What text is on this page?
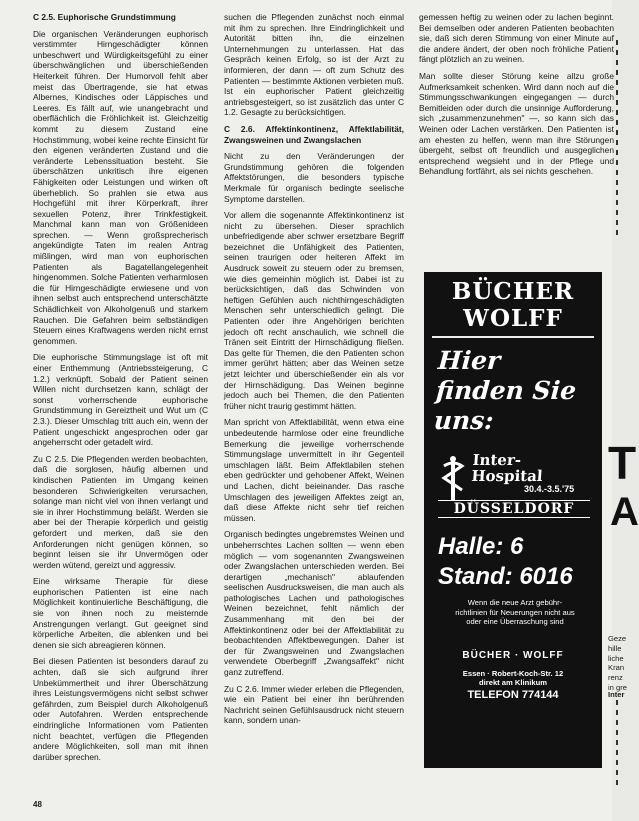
C 2.5. Euphorische Grundstimmung

Die organischen Veränderungen euphorisch verstimmter Hirngeschädigter können unbeschwert und Würdigkeitsgefühl zu einer überschwänglichen und überschießenden Heiterkeit führen. Der Humorvoll fehlt aber meist das Übertragende, sie hat etwas Albernes, Kindisches oder Läppisches und Leeres. Es fällt auf, wie unangebracht und oberflächlich die Fröhlichkeit ist. Gleichzeitig kommt zu diesem Zustand eine Hochstimmung, wobei keine rechte Einsicht für den eigenen veränderten Zustand und die veränderte Lebenssituation besteht. Sie überschätzen unkritisch ihre eigenen Fähigkeiten oder Leistungen und wirken oft überheblich. So prahlen sie etwa aus Hochgefühl mit ihrer Körperkraft, ihrer sexuellen Potenz, ihrer Trinkfestigkeit. Manchmal kann man von Größenideen sprechen. — Wenn großsprecherisch angekündigte Taten im realen Antrag mißlingen, wird man von euphorischen Patienten als Bagatellangelegenheit hingenommen. Solche Patienten verharmlosen die für Hirngeschädigte erwiesene und von ihnen selbst auch entsprechend unterschätzte Schädlichkeit von Alkoholgenuß und starkem Rauchen. Die Gefahren beim selbständigen Steuern eines Kraftwagens werden nicht ernst genommen.

Die euphorische Stimmungslage ist oft mit einer Enthemmung (Antriebssteigerung, C 1.2.) verknüpft. Sobald der Patient seinen Willen nicht durchsetzen kann, schlägt der sonst vorherrschende euphorische Grundstimmung in Gereiztheit und Wut um (C 2.3.). Dieser Umschlag tritt auch ein, wenn der Patient ungeschickt angesprochen oder gar angeherrscht oder getadelt wird.

Zu C 2.5. Die Pflegenden werden beobachten, daß die sorglosen, häufig albernen und kindischen Patienten im Umgang keinen besonderen Schwierigkeiten verursachen, solange man nicht viel von ihnen verlangt und sie in ihrer Hochstimmung beläßt. Werden sie aber bei der Therapie körperlich und geistig gefordert und merken, daß sie den Anforderungen nicht genügen können, so beginnt leisen sie ihr Unvermögen oder werden wütend, gereizt und aggressiv.

Eine wirksame Therapie für diese euphorischen Patienten ist eine nach Möglichkeit kontinuierliche Beschäftigung, die sie von ihnen noch zu meisternde Anstrengungen verlangt. Gut geeignet sind körperliche Arbeiten, die ablenken und bei denen sie sich abreagieren können.

Bei diesen Patienten ist besonders darauf zu achten, daß sie sich aufgrund ihrer Unbekümmertheit und ihrer Überschätzung ihres Leistungsvermögens nicht selbst schwer gefährden, zum Beispiel durch Alkoholgenuß oder Autofahren. Werden entsprechende eindringliche Informationen vom Patienten nicht beachtet, verfügen die Pflegenden andere Möglichkeiten, soll man mit ihnen darüber sprechen.

suchen die Pflegenden zunächst noch einmal mit ihm zu sprechen. Ihre Eindringlichkeit und Autorität bitten ihn, die einzelnen Unternehmungen zu unterlassen. Hat das Gespräch keinen Erfolg, so ist der Arzt zu informieren, der dann — oft zum Schutz des Patienten — bestimmte Aktionen verbieten muß. Ist ein euphorischer Patient gleichzeitig antriebsgesteigert, so ist zusätzlich das unter C 1.2. Gesagte zu berücksichtigen.

C 2.6. Affektinkontinenz, Affektlabilität, Zwangsweinen und Zwangslachen

Nicht zu den Veränderungen der Grundstimmung gehören die folgenden Affektstörungen, die besonders typische Merkmale für organisch bedingte seelische Symptome darstellen.

Vor allem die sogenannte Affektinkontinenz ist nicht zu übersehen. Dieser sprachlich unbefriedigende aber schwer ersetzbare Begriff bezeichnet die Unfähigkeit des Patienten, seinen traurigen oder heiteren Affekt im Ausdruck soweit zu steuern oder zu bremsen, wie dies gemeinhin möglich ist. Dabei ist zu berücksichtigen, daß das Schwinden von heftigen Gefühlen auch nichthirngeschädigten Menschen sehr unterschiedlich gelingt. Die Patienten oder ihre Angehörigen berichten jedoch oft recht anschaulich, wie schnell die Tränen seit Eintritt der Hirnschädigung fließen. Das gelte für Themen, die den Patienten schon immer gerührt hätten; aber das Weinen setze jetzt leichter und überschießender ein als vor der Hirnschädigung. Das Weinen beginne jedoch auch bei Themen, die den Patienten früher nicht traurig gestimmt hätten.

Man spricht von Affektlabilität, wenn etwa eine unbedeutende harmlose oder eine freundliche Bemerkung die jeweilige vorherrschende Stimmungslage unvermittelt in ihr Gegenteil umschlagen läßt. Beim Affektlabilen stehen eben gedrückter und gehobener Affekt, Weinen und Lachen, dicht beieinander. Das rasche Umschlagen des jeweiligen Affektes zeigt an, daß diese Affekte nicht sehr tief reichen müssen.

Organisch bedingtes ungebremstes Weinen und unbeherrschtes Lachen sollten — wenn eben möglich — vom sogenannten Zwangsweinen oder Zwangslachen unterschieden werden. Bei derartigen „mechanisch" ablaufenden seelischen Ausdrucksweisen, die man auch als pathologisches Lachen und pathologisches Weinen bezeichnet, fehlt nämlich der Zusammenhang mit den bei der Affektinkontinenz oder bei der Affektlabilität zu beobachtenden Affektbewegungen. Daher ist der für Zwangsweinen und Zwangslachen verwendete Oberbegriff „Zwangsaffekt" nicht ganz zutreffend.

Zu C 2.6. Immer wieder erleben die Pflegenden, wie ein Patient bei einer ihn berührenden Nachricht seinen Gefühlsausdruck nicht steuern kann, sondern unan-

gemessen heftig zu weinen oder zu lachen beginnt. Bei demselben oder anderen Patienten beobachten sie, daß sich deren Stimmung von einer Minute auf die andere ändert, der oben noch fröhliche Patient fängt plötzlich an zu weinen.

Man sollte dieser Störung keine allzu große Aufmerksamkeit schenken. Wird dann noch auf die Stimmungsschwankungen eingegangen — durch Bemitleiden oder durch die unsinnige Aufforderung, sich „zusammenzunehmen" —, so kann sich das Weinen oder Lachen verstärken. Den Patienten ist am ehesten zu helfen, wenn man ihre Störungen übergeht, selbst oft freundlich und ausgeglichen entsprechend wegsieht und in der Pflege und Behandlung fortfährt, als sei nichts geschehen.

BÜCHER
WOLFF
Hier
finden Sie
uns:
Inter-
Hospital
30.4.-3.5.'75
DÜSSELDORF
Halle: 6
Stand: 6016
Wenn die neue Arzt gebühr-
richtlinien für Neuerungen nicht aus
oder eine Überraschung sind
BÜCHER · WOLFF
Essen · Robert-Koch-Str. 12
direkt am Klinikum
TELEFON 774144
48
T
A
Geze
hille
liche
Kran
renz
in gre
Inter
